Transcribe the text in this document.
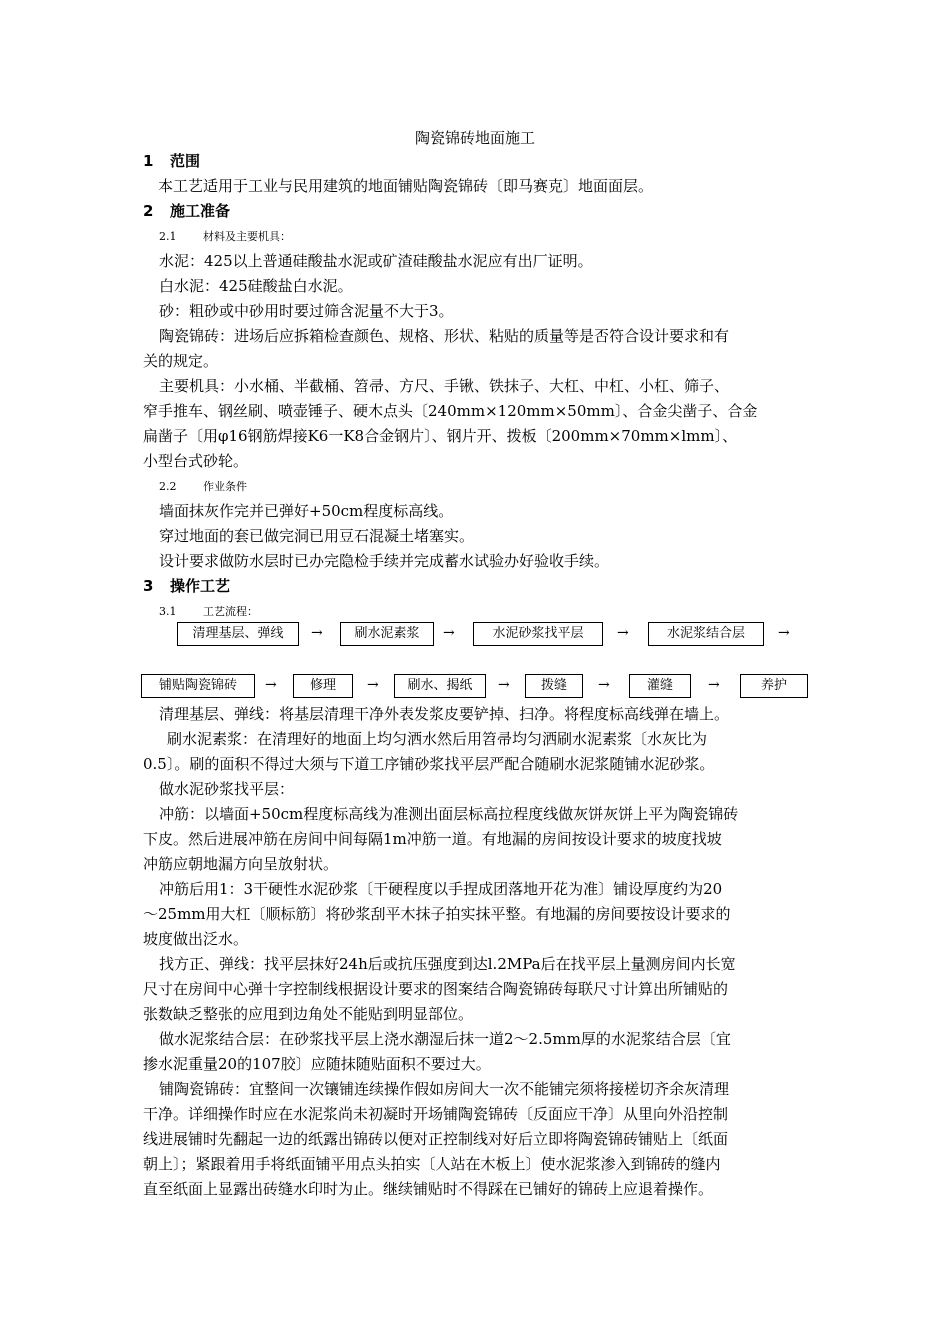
陶瓷锦砖地面施工
1 范围
本工艺适用于工业与民用建筑的地面铺贴陶瓷锦砖〔即马赛克〕地面面层。
2 施工准备
2.1 材料及主要机具：
水泥：425以上普通硅酸盐水泥或矿渣硅酸盐水泥应有出厂证明。
白水泥：425硅酸盐白水泥。
砂：粗砂或中砂用时要过筛含泥量不大于3。
陶瓷锦砖：进场后应拆箱检查颜色、规格、形状、粘贴的质量等是否符合设计要求和有
关的规定。
主要机具：小水桶、半截桶、笤帚、方尺、手锹、铁抹子、大杠、中杠、小杠、筛子、
窄手推车、钢丝刷、喷壶锤子、硬木点头〔240mm×120mm×50mm〕、合金尖凿子、合金
扁凿子〔用φ16钢筋焊接K6一K8合金钢片〕、钢片开、拨板〔200mm×70mm×lmm〕、
小型台式砂轮。
2.2 作业条件
墙面抹灰作完并已弹好+50cm程度标高线。
穿过地面的套已做完洞已用豆石混凝土堵塞实。
设计要求做防水层时已办完隐检手续并完成蓄水试验办好验收手续。
3 操作工艺
3.1 工艺流程：
清理基层、弹线	→	刷水泥素浆	→	水泥砂浆找平层	→	水泥浆结合层	→
铺贴陶瓷锦砖	→	修理	→	刷水、揭纸	→	拨缝	→	灌缝	→	养护
清理基层、弹线：将基层清理干净外表发浆皮要铲掉、扫净。将程度标高线弹在墙上。
刷水泥素浆：在清理好的地面上均匀洒水然后用笤帚均匀洒刷水泥素浆〔水灰比为
0.5〕。刷的面积不得过大须与下道工序铺砂浆找平层严配合随刷水泥浆随铺水泥砂浆。
做水泥砂浆找平层：
冲筋：以墙面+50cm程度标高线为准测出面层标高拉程度线做灰饼灰饼上平为陶瓷锦砖
下皮。然后进展冲筋在房间中间每隔1m冲筋一道。有地漏的房间按设计要求的坡度找坡
冲筋应朝地漏方向呈放射状。
冲筋后用1：3干硬性水泥砂浆〔干硬程度以手捏成团落地开花为准〕铺设厚度约为20
～25mm用大杠〔顺标筋〕将砂浆刮平木抹子拍实抹平整。有地漏的房间要按设计要求的
坡度做出泛水。
找方正、弹线：找平层抹好24h后或抗压强度到达l.2MPa后在找平层上量测房间内长宽
尺寸在房间中心弹十字控制线根据设计要求的图案结合陶瓷锦砖每联尺寸计算出所铺贴的
张数缺乏整张的应甩到边角处不能贴到明显部位。
做水泥浆结合层：在砂浆找平层上浇水潮湿后抹一道2～2.5mm厚的水泥浆结合层〔宜
掺水泥重量20的107胶〕应随抹随贴面积不要过大。
铺陶瓷锦砖：宜整间一次镶铺连续操作假如房间大一次不能铺完须将接槎切齐余灰清理
干净。详细操作时应在水泥浆尚未初凝时开场铺陶瓷锦砖〔反面应干净〕从里向外沿控制
线进展铺时先翻起一边的纸露出锦砖以便对正控制线对好后立即将陶瓷锦砖铺贴上〔纸面
朝上〕；紧跟着用手将纸面铺平用点头拍实〔人站在木板上〕使水泥浆渗入到锦砖的缝内
直至纸面上显露出砖缝水印时为止。继续铺贴时不得踩在已铺好的锦砖上应退着操作。
